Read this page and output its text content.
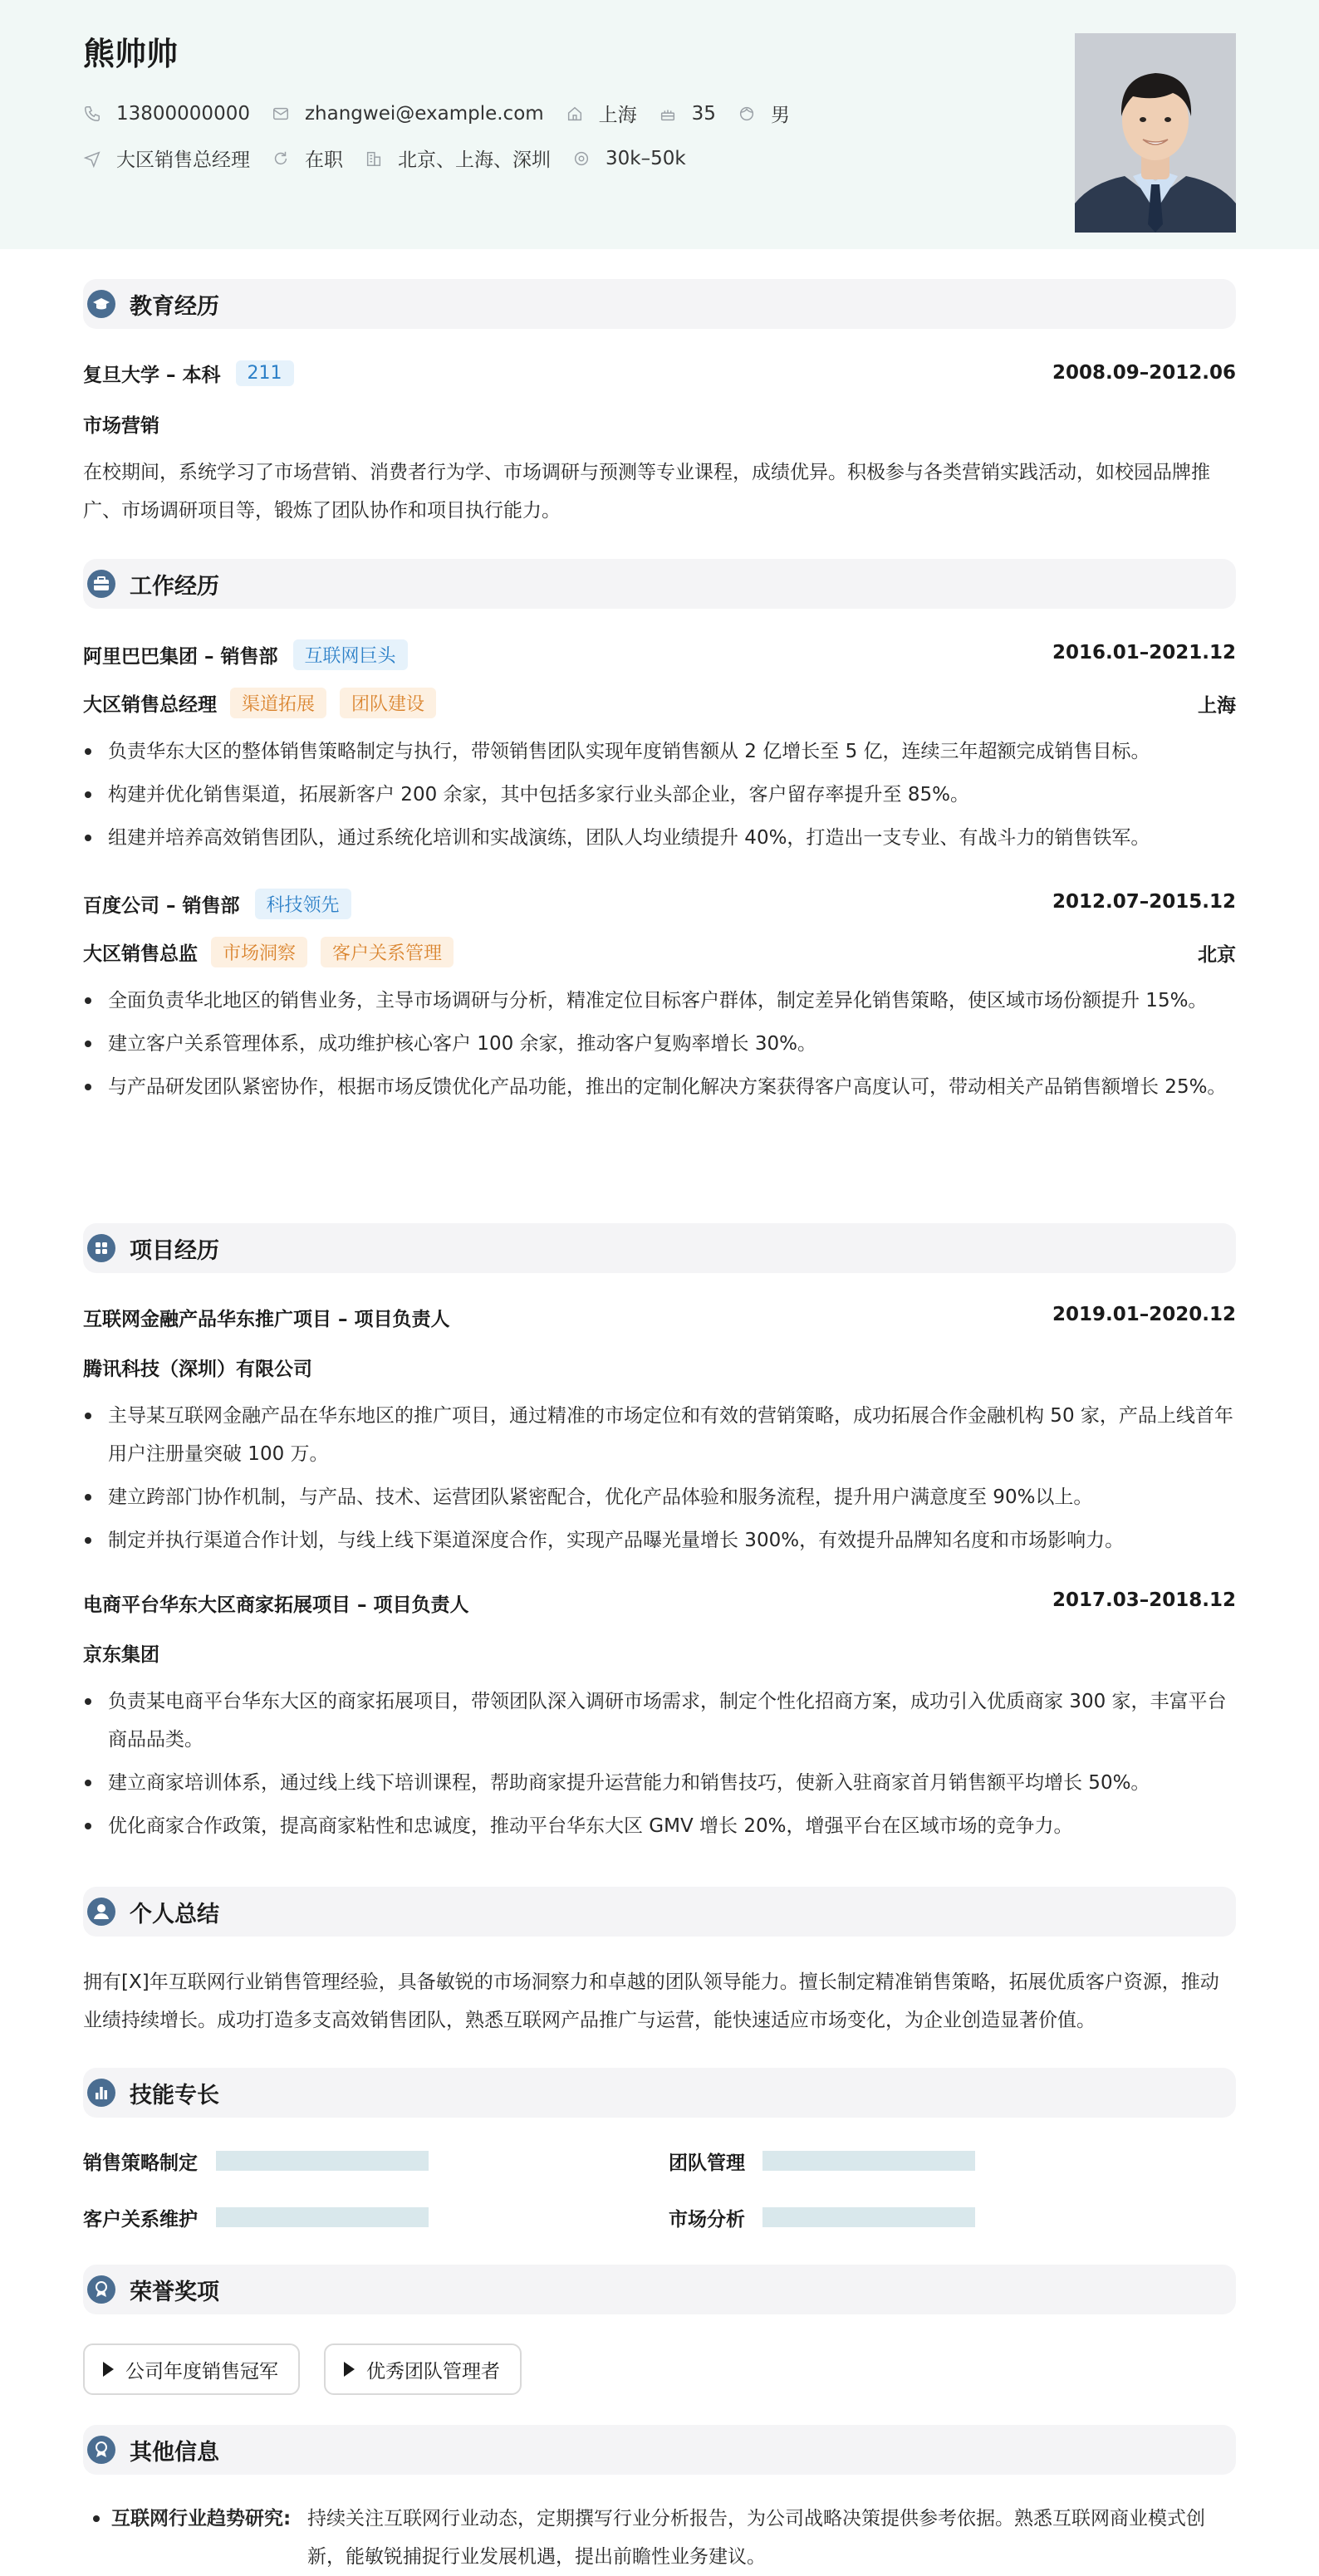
熊帅帅
13800000000	zhangwei@example.com	上海	35	男
大区销售总经理	在职	北京、上海、深圳	30k–50k
教育经历
复旦大学 – 本科	211	2008.09–2012.06
市场营销
在校期间，系统学习了市场营销、消费者行为学、市场调研与预测等专业课程，成绩优异。积极参与各类营销实践活动，如校园品牌推广、市场调研项目等，锻炼了团队协作和项目执行能力。
工作经历
阿里巴巴集团 – 销售部	互联网巨头	2016.01–2021.12
大区销售总经理	渠道拓展	团队建设	上海
负责华东大区的整体销售策略制定与执行，带领销售团队实现年度销售额从 2 亿增长至 5 亿，连续三年超额完成销售目标。
构建并优化销售渠道，拓展新客户 200 余家，其中包括多家行业头部企业，客户留存率提升至 85%。
组建并培养高效销售团队，通过系统化培训和实战演练，团队人均业绩提升 40%，打造出一支专业、有战斗力的销售铁军。
百度公司 – 销售部	科技领先	2012.07–2015.12
大区销售总监	市场洞察	客户关系管理	北京
全面负责华北地区的销售业务，主导市场调研与分析，精准定位目标客户群体，制定差异化销售策略，使区域市场份额提升 15%。
建立客户关系管理体系，成功维护核心客户 100 余家，推动客户复购率增长 30%。
与产品研发团队紧密协作，根据市场反馈优化产品功能，推出的定制化解决方案获得客户高度认可，带动相关产品销售额增长 25%。
项目经历
互联网金融产品华东推广项目 – 项目负责人	2019.01–2020.12
腾讯科技（深圳）有限公司
主导某互联网金融产品在华东地区的推广项目，通过精准的市场定位和有效的营销策略，成功拓展合作金融机构 50 家，产品上线首年用户注册量突破 100 万。
建立跨部门协作机制，与产品、技术、运营团队紧密配合，优化产品体验和服务流程，提升用户满意度至 90%以上。
制定并执行渠道合作计划，与线上线下渠道深度合作，实现产品曝光量增长 300%，有效提升品牌知名度和市场影响力。
电商平台华东大区商家拓展项目 – 项目负责人	2017.03–2018.12
京东集团
负责某电商平台华东大区的商家拓展项目，带领团队深入调研市场需求，制定个性化招商方案，成功引入优质商家 300 家，丰富平台商品品类。
建立商家培训体系，通过线上线下培训课程，帮助商家提升运营能力和销售技巧，使新入驻商家首月销售额平均增长 50%。
优化商家合作政策，提高商家粘性和忠诚度，推动平台华东大区 GMV 增长 20%，增强平台在区域市场的竞争力。
个人总结
拥有[X]年互联网行业销售管理经验，具备敏锐的市场洞察力和卓越的团队领导能力。擅长制定精准销售策略，拓展优质客户资源，推动业绩持续增长。成功打造多支高效销售团队，熟悉互联网产品推广与运营，能快速适应市场变化，为企业创造显著价值。
技能专长
销售策略制定	团队管理
客户关系维护	市场分析
荣誉奖项
公司年度销售冠军	优秀团队管理者
其他信息
互联网行业趋势研究: 持续关注互联网行业动态，定期撰写行业分析报告，为公司战略决策提供参考依据。熟悉互联网商业模式创新，能敏锐捕捉行业发展机遇，提出前瞻性业务建议。
